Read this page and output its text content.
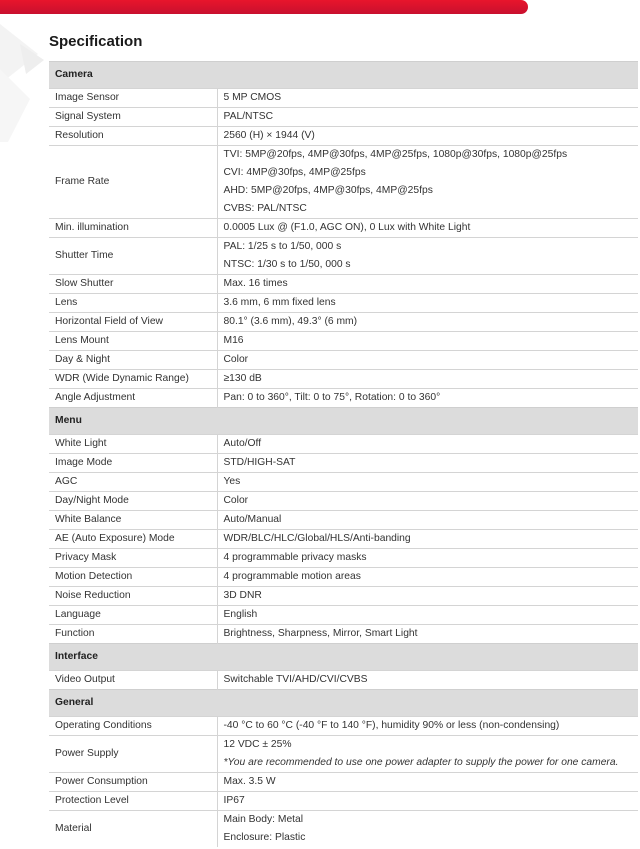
Specification
Camera	
Image Sensor	5 MP CMOS

Signal System	PAL/NTSC

Resolution	2560 (H) × 1944 (V)

Frame Rate	TVI: 5MP@20fps, 4MP@30fps, 4MP@25fps, 1080p@30fps, 1080p@25fps
CVI: 4MP@30fps, 4MP@25fps
AHD: 5MP@20fps, 4MP@30fps, 4MP@25fps
CVBS: PAL/NTSC

Min. illumination	0.0005 Lux @ (F1.0, AGC ON), 0 Lux with White Light

Shutter Time	PAL: 1/25 s to 1/50, 000 s
NTSC: 1/30 s to 1/50, 000 s

Slow Shutter	Max. 16 times

Lens	3.6 mm, 6 mm fixed lens

Horizontal Field of View	80.1° (3.6 mm), 49.3° (6 mm)

Lens Mount	M16

Day & Night	Color

WDR (Wide Dynamic Range)	≥130 dB

Angle Adjustment	Pan: 0 to 360°, Tilt: 0 to 75°, Rotation: 0 to 360°

Menu	
White Light	Auto/Off

Image Mode	STD/HIGH-SAT

AGC	Yes

Day/Night Mode	Color

White Balance	Auto/Manual

AE (Auto Exposure) Mode	WDR/BLC/HLC/Global/HLS/Anti-banding

Privacy Mask	4 programmable privacy masks

Motion Detection	4 programmable motion areas

Noise Reduction	3D DNR

Language	English

Function	Brightness, Sharpness, Mirror, Smart Light

Interface	
Video Output	Switchable TVI/AHD/CVI/CVBS

General	
Operating Conditions	-40 °C to 60 °C (-40 °F to 140 °F), humidity 90% or less (non-condensing)

Power Supply	12 VDC ± 25%
*You are recommended to use one power adapter to supply the power for one camera.

Power Consumption	Max. 3.5 W

Protection Level	IP67

Material	Main Body: Metal
Enclosure: Plastic
